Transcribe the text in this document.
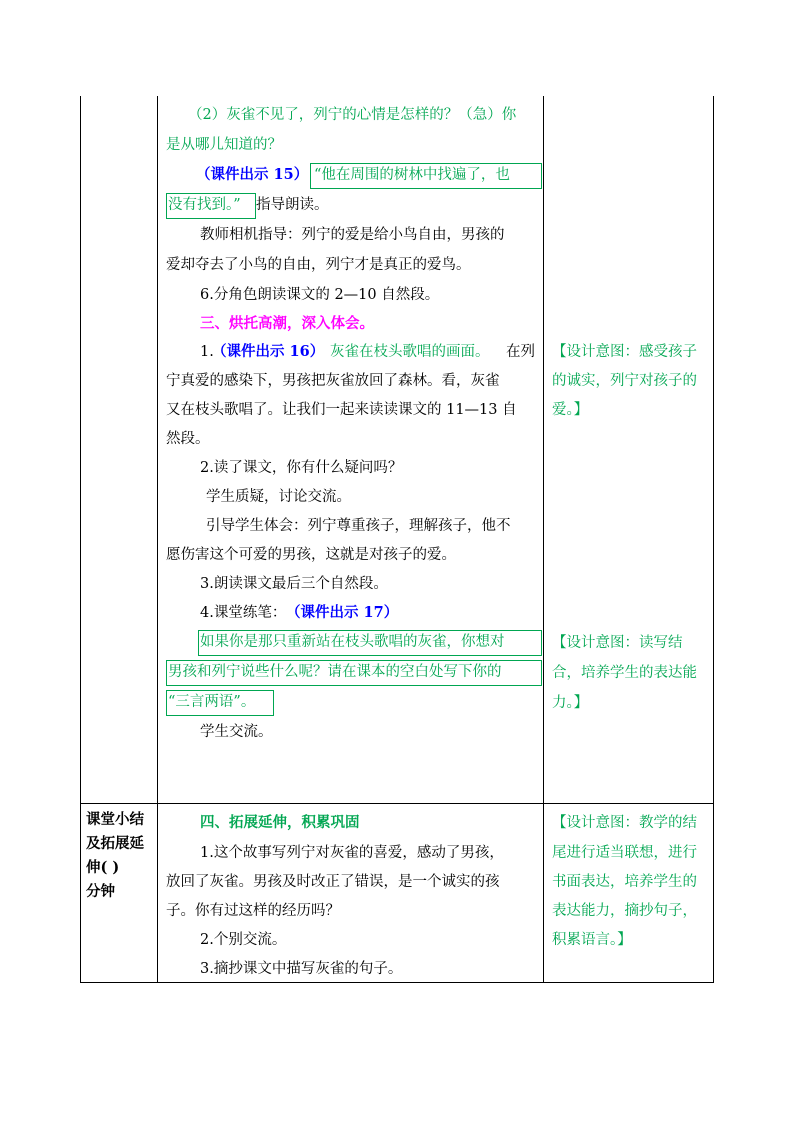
（2）灰雀不见了，列宁的心情是怎样的？（急）你
是从哪儿知道的？
（课件出示 15） “他在周围的树林中找遍了，也
没有找到。” 指导朗读。
教师相机指导：列宁的爱是给小鸟自由，男孩的
爱却夺去了小鸟的自由，列宁才是真正的爱鸟。
6.分角色朗读课文的 2—10 自然段。
三、烘托高潮，深入体会。
1.
（课件出示 16） 灰雀在枝头歌唱的画面。 在列
宁真爱的感染下，男孩把灰雀放回了森林。看，灰雀
又在枝头歌唱了。让我们一起来读读课文的 11—13 自
然段。
2.读了课文，你有什么疑问吗？
学生质疑，讨论交流。
引导学生体会：列宁尊重孩子，理解孩子，他不
愿伤害这个可爱的男孩，这就是对孩子的爱。
3.朗读课文最后三个自然段。
4.课堂练笔： （课件出示 17）
如果你是那只重新站在枝头歌唱的灰雀，你想对
男孩和列宁说些什么呢？请在课本的空白处写下你的
“三言两语”。
学生交流。
【设计意图：感受孩子
的诚实，列宁对孩子的
爱。】
【设计意图：读写结
合，培养学生的表达能
力。】
课堂小结
及拓展延
伸( )
分钟
四、拓展延伸，积累巩固
1.这个故事写列宁对灰雀的喜爱，感动了男孩，
放回了灰雀。男孩及时改正了错误，是一个诚实的孩
子。你有过这样的经历吗？
2.个别交流。
3.摘抄课文中描写灰雀的句子。
【设计意图：教学的结
尾进行适当联想，进行
书面表达，培养学生的
表达能力，摘抄句子，
积累语言。】
